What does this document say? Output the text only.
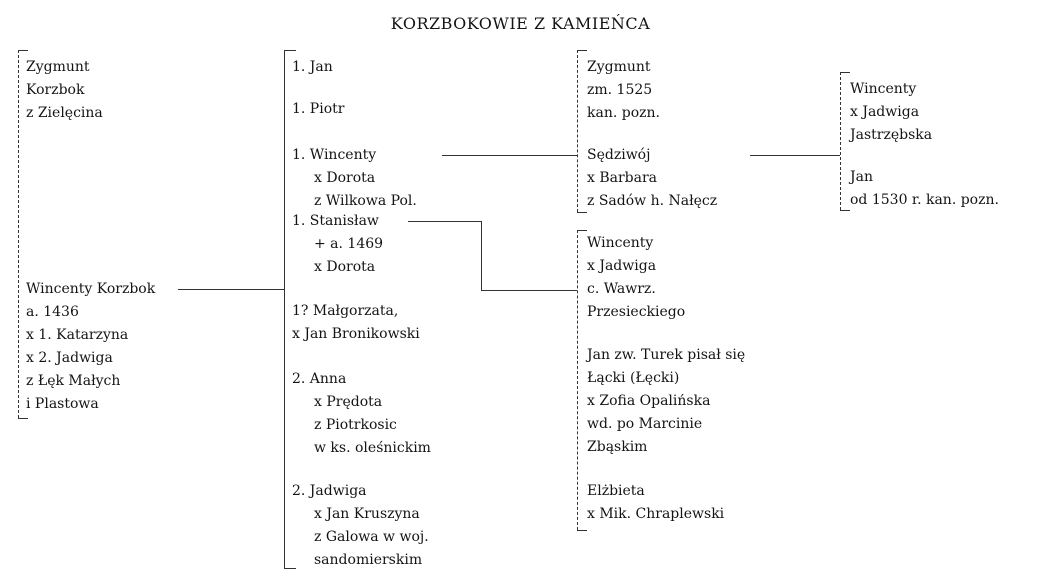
KORZBOKOWIE Z KAMIEŃCA
Zygmunt
Korzbok
z Zielęcina
Wincenty Korzbok
a. 1436
x 1. Katarzyna
x 2. Jadwiga
z Łęk Małych
i Plastowa
1. Jan
1. Piotr
1. Wincenty
x Dorota
z Wilkowa Pol.
1. Stanisław
+ a. 1469
x Dorota
1? Małgorzata,
x Jan Bronikowski
2. Anna
x Prędota
z Piotrkosic
w ks. oleśnickim
2. Jadwiga
x Jan Kruszyna
z Galowa w woj.
sandomierskim
Zygmunt
zm. 1525
kan. pozn.
Sędziwój
x Barbara
z Sadów h. Nałęcz
Wincenty
x Jadwiga
c. Wawrz.
Przesieckiego
Jan zw. Turek pisał się
Łącki (Łęcki)
x Zofia Opalińska
wd. po Marcinie
Zbąskim
Elżbieta
x Mik. Chraplewski
Wincenty
x Jadwiga
Jastrzębska
Jan
od 1530 r. kan. pozn.
